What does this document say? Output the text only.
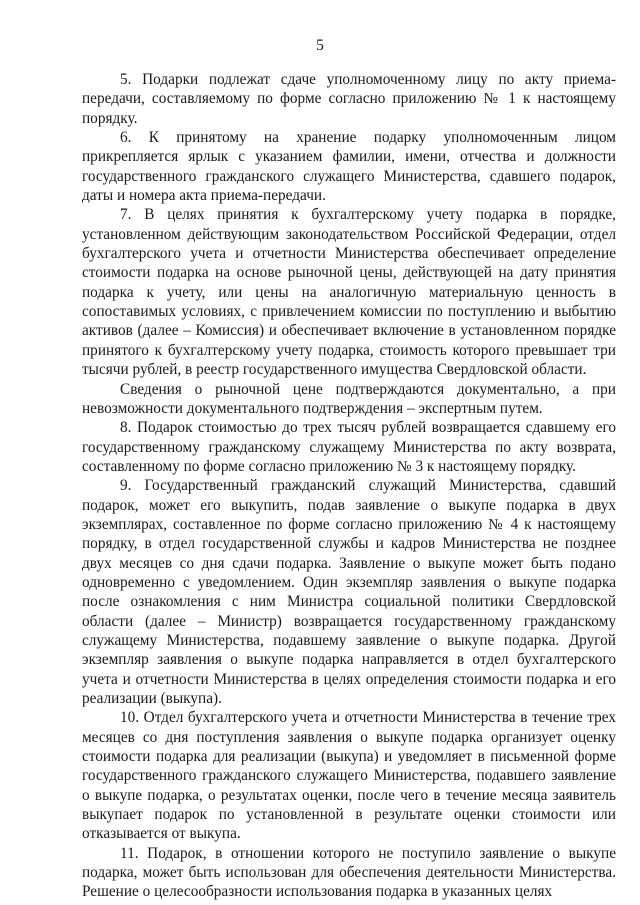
5

5. Подарки подлежат сдаче уполномоченному лицу по акту приема-передачи, составляемому по форме согласно приложению № 1 к настоящему порядку.

6. К принятому на хранение подарку уполномоченным лицом прикрепляется ярлык с указанием фамилии, имени, отчества и должности государственного гражданского служащего Министерства, сдавшего подарок, даты и номера акта приема-передачи.

7. В целях принятия к бухгалтерскому учету подарка в порядке, установленном действующим законодательством Российской Федерации, отдел бухгалтерского учета и отчетности Министерства обеспечивает определение стоимости подарка на основе рыночной цены, действующей на дату принятия подарка к учету, или цены на аналогичную материальную ценность в сопоставимых условиях, с привлечением комиссии по поступлению и выбытию активов (далее – Комиссия) и обеспечивает включение в установленном порядке принятого к бухгалтерскому учету подарка, стоимость которого превышает три тысячи рублей, в реестр государственного имущества Свердловской области.

Сведения о рыночной цене подтверждаются документально, а при невозможности документального подтверждения – экспертным путем.

8. Подарок стоимостью до трех тысяч рублей возвращается сдавшему его государственному гражданскому служащему Министерства по акту возврата, составленному по форме согласно приложению № 3 к настоящему порядку.

9. Государственный гражданский служащий Министерства, сдавший подарок, может его выкупить, подав заявление о выкупе подарка в двух экземплярах, составленное по форме согласно приложению № 4 к настоящему порядку, в отдел государственной службы и кадров Министерства не позднее двух месяцев со дня сдачи подарка. Заявление о выкупе может быть подано одновременно с уведомлением. Один экземпляр заявления о выкупе подарка после ознакомления с ним Министра социальной политики Свердловской области (далее – Министр) возвращается государственному гражданскому служащему Министерства, подавшему заявление о выкупе подарка. Другой экземпляр заявления о выкупе подарка направляется в отдел бухгалтерского учета и отчетности Министерства в целях определения стоимости подарка и его реализации (выкупа).

10. Отдел бухгалтерского учета и отчетности Министерства в течение трех месяцев со дня поступления заявления о выкупе подарка организует оценку стоимости подарка для реализации (выкупа) и уведомляет в письменной форме государственного гражданского служащего Министерства, подавшего заявление о выкупе подарка, о результатах оценки, после чего в течение месяца заявитель выкупает подарок по установленной в результате оценки стоимости или отказывается от выкупа.

11. Подарок, в отношении которого не поступило заявление о выкупе подарка, может быть использован для обеспечения деятельности Министерства. Решение о целесообразности использования подарка в указанных целях
